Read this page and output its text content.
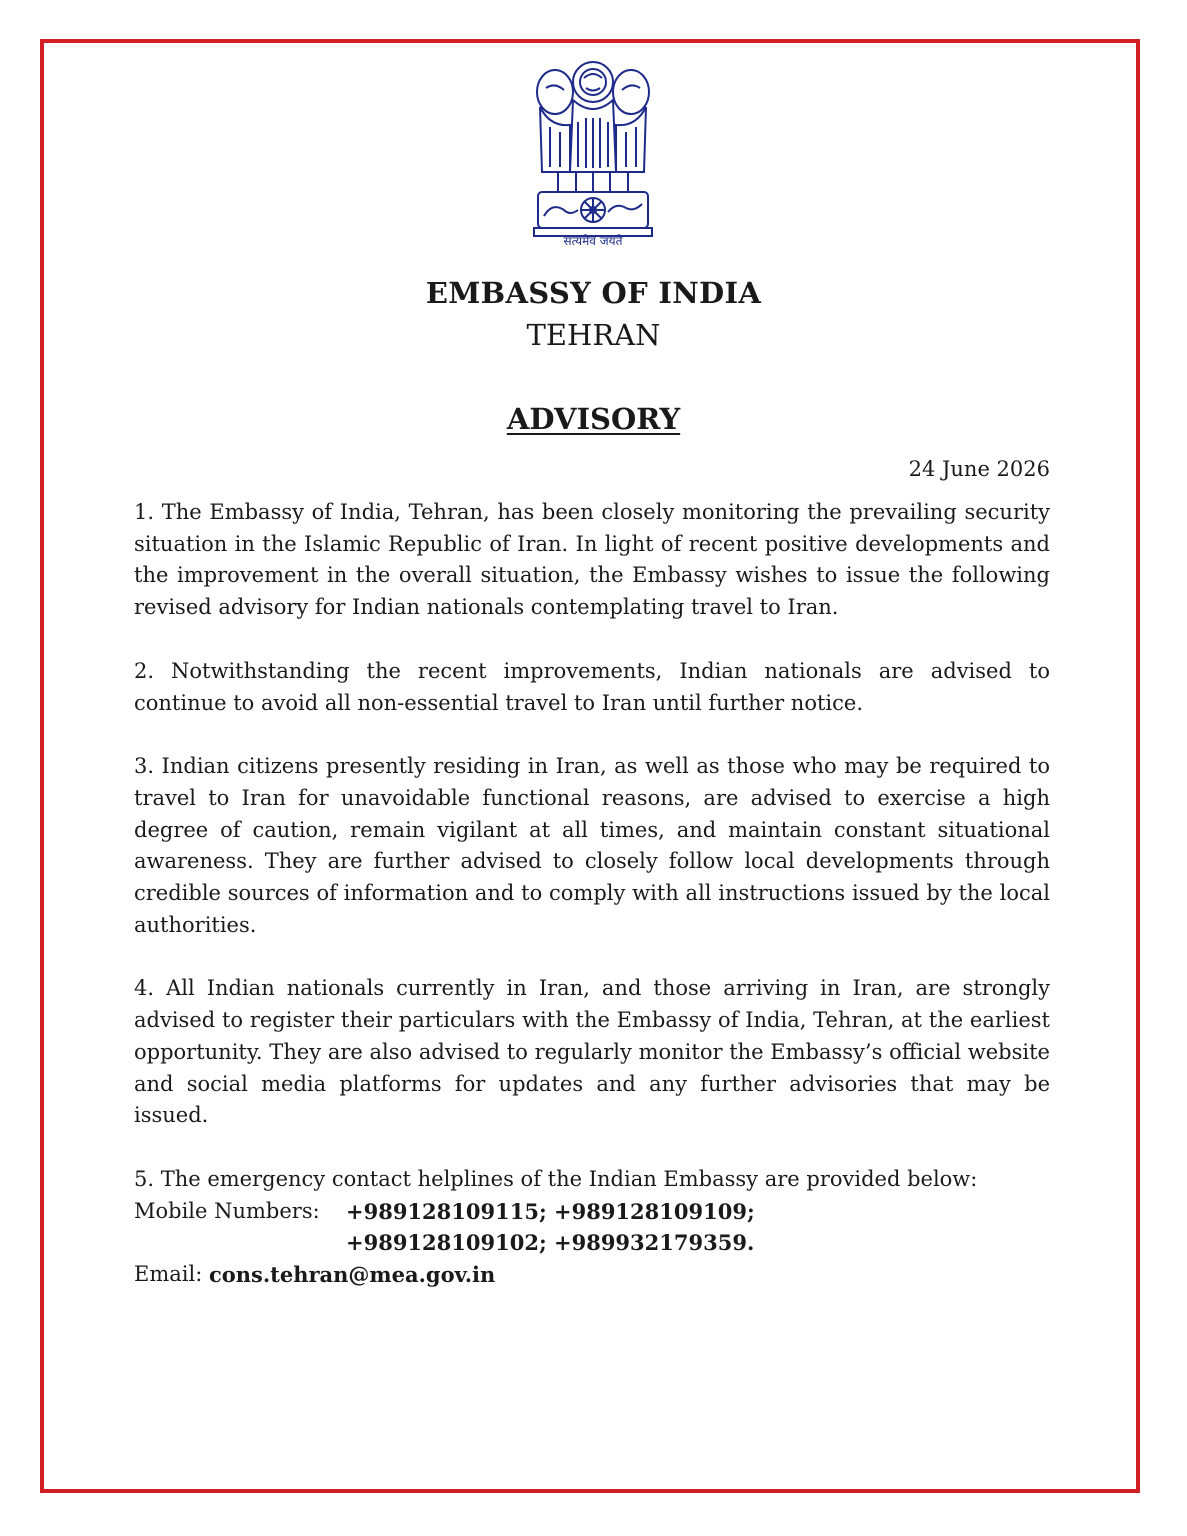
सत्यमेव जयते
EMBASSY OF INDIA
TEHRAN
ADVISORY
24 June 2026

1. The Embassy of India, Tehran, has been closely monitoring the prevailing security situation in the Islamic Republic of Iran. In light of recent positive developments and the improvement in the overall situation, the Embassy wishes to issue the following revised advisory for Indian nationals contemplating travel to Iran.

2. Notwithstanding the recent improvements, Indian nationals are advised to continue to avoid all non-essential travel to Iran until further notice.

3. Indian citizens presently residing in Iran, as well as those who may be required to travel to Iran for unavoidable functional reasons, are advised to exercise a high degree of caution, remain vigilant at all times, and maintain constant situational awareness. They are further advised to closely follow local developments through credible sources of information and to comply with all instructions issued by the local authorities.

4. All Indian nationals currently in Iran, and those arriving in Iran, are strongly advised to register their particulars with the Embassy of India, Tehran, at the earliest opportunity. They are also advised to regularly monitor the Embassy’s official website and social media platforms for updates and any further advisories that may be issued.

5. The emergency contact helplines of the Indian Embassy are provided below:
Mobile Numbers:	+989128109115; +989128109109;
+989128109102; +989932179359.
Email:
cons.tehran@mea.gov.in
